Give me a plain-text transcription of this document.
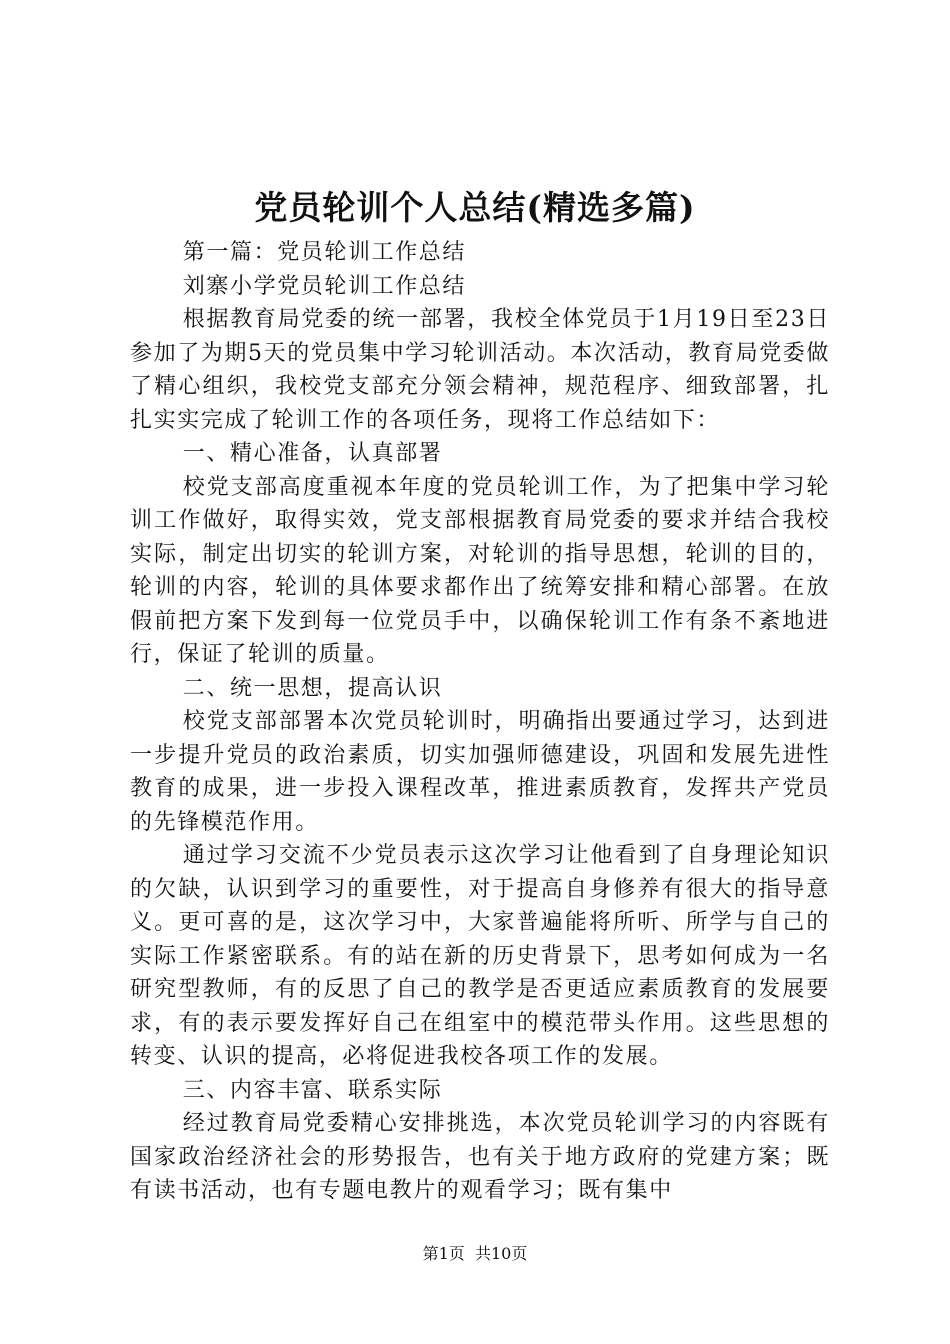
党员轮训个人总结(精选多篇)

第一篇：党员轮训工作总结

刘寨小学党员轮训工作总结

根据教育局党委的统一部署，我校全体党员于1月19日至23日参加了为期5天的党员集中学习轮训活动。本次活动，教育局党委做了精心组织，我校党支部充分领会精神，规范程序、细致部署，扎扎实实完成了轮训工作的各项任务，现将工作总结如下：

一、精心准备，认真部署

校党支部高度重视本年度的党员轮训工作，为了把集中学习轮训工作做好，取得实效，党支部根据教育局党委的要求并结合我校实际，制定出切实的轮训方案，对轮训的指导思想，轮训的目的，轮训的内容，轮训的具体要求都作出了统筹安排和精心部署。在放假前把方案下发到每一位党员手中，以确保轮训工作有条不紊地进行，保证了轮训的质量。

二、统一思想，提高认识

校党支部部署本次党员轮训时，明确指出要通过学习，达到进一步提升党员的政治素质，切实加强师德建设，巩固和发展先进性教育的成果，进一步投入课程改革，推进素质教育，发挥共产党员的先锋模范作用。

通过学习交流不少党员表示这次学习让他看到了自身理论知识的欠缺，认识到学习的重要性，对于提高自身修养有很大的指导意义。更可喜的是，这次学习中，大家普遍能将所听、所学与自己的实际工作紧密联系。有的站在新的历史背景下，思考如何成为一名研究型教师，有的反思了自己的教学是否更适应素质教育的发展要求，有的表示要发挥好自己在组室中的模范带头作用。这些思想的转变、认识的提高，必将促进我校各项工作的发展。

三、内容丰富、联系实际

经过教育局党委精心安排挑选，本次党员轮训学习的内容既有国家政治经济社会的形势报告，也有关于地方政府的党建方案；既有读书活动，也有专题电教片的观看学习；既有集中

第1页 共10页
